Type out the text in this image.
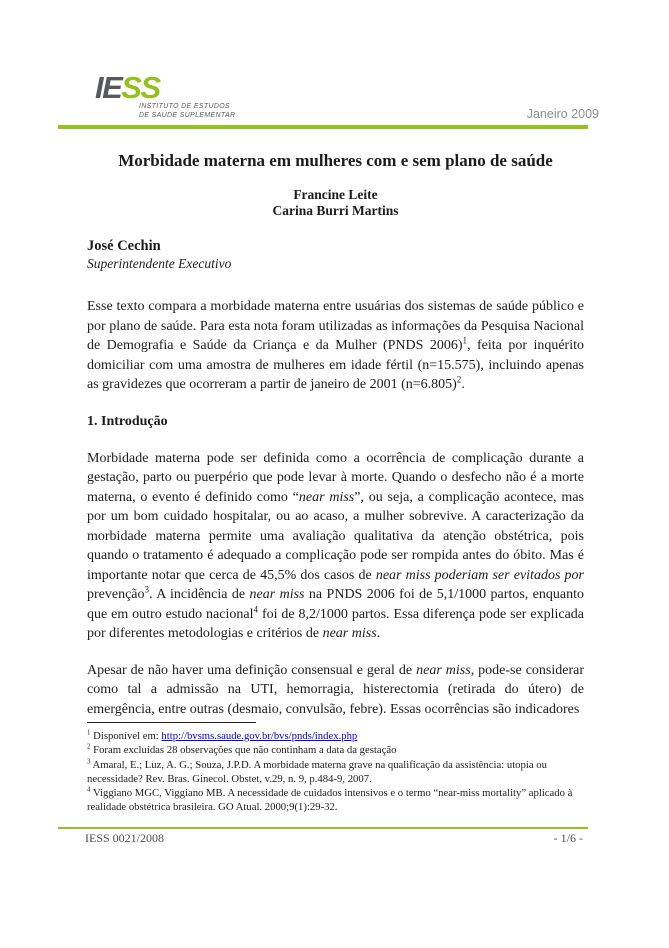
IESS
INSTITUTO DE ESTUDOS
DE SAÚDE SUPLEMENTAR	Janeiro 2009
Morbidade materna em mulheres com e sem plano de saúde
Francine Leite
Carina Burri Martins
José Cechin
Superintendente Executivo

Esse texto compara a morbidade materna entre usuárias dos sistemas de saúde público e por plano de saúde. Para esta nota foram utilizadas as informações da Pesquisa Nacional de Demografia e Saúde da Criança e da Mulher (PNDS 2006)$^1$, feita por inquérito domiciliar com uma amostra de mulheres em idade fértil (n=15.575), incluindo apenas as gravidezes que ocorreram a partir de janeiro de 2001 (n=6.805)$^2$.

1. Introdução

Morbidade materna pode ser definida como a ocorrência de complicação durante a gestação, parto ou puerpério que pode levar à morte. Quando o desfecho não é a morte materna, o evento é definido como “near miss”, ou seja, a complicação acontece, mas por um bom cuidado hospitalar, ou ao acaso, a mulher sobrevive. A caracterização da morbidade materna permite uma avaliação qualitativa da atenção obstétrica, pois quando o tratamento é adequado a complicação pode ser rompida antes do óbito. Mas é importante notar que cerca de 45,5% dos casos de near miss poderiam ser evitados por prevenção$^3$. A incidência de near miss na PNDS 2006 foi de 5,1/1000 partos, enquanto que em outro estudo nacional$^4$ foi de 8,2/1000 partos. Essa diferença pode ser explicada por diferentes metodologias e critérios de near miss.

Apesar de não haver uma definição consensual e geral de near miss, pode-se considerar como tal a admissão na UTI, hemorragia, histerectomia (retirada do útero) de emergência, entre outras (desmaio, convulsão, febre). Essas ocorrências são indicadores

$^1$ Disponível em: http://bvsms.saude.gov.br/bvs/pnds/index.php
$^2$ Foram excluídas 28 observações que não continham a data da gestação
$^3$ Amaral, E.; Luz, A. G.; Souza, J.P.D. A morbidade materna grave na qualificação da assistência: utopia ou necessidade? Rev. Bras. Ginecol. Obstet, v.29, n. 9, p.484-9, 2007.
$^4$ Viggiano MGC, Viggiano MB. A necessidade de cuidados intensivos e o termo “near-miss mortality” aplicado à realidade obstétrica brasileira. GO Atual. 2000;9(1):29-32.
IESS 0021/2008	- 1/6 -
